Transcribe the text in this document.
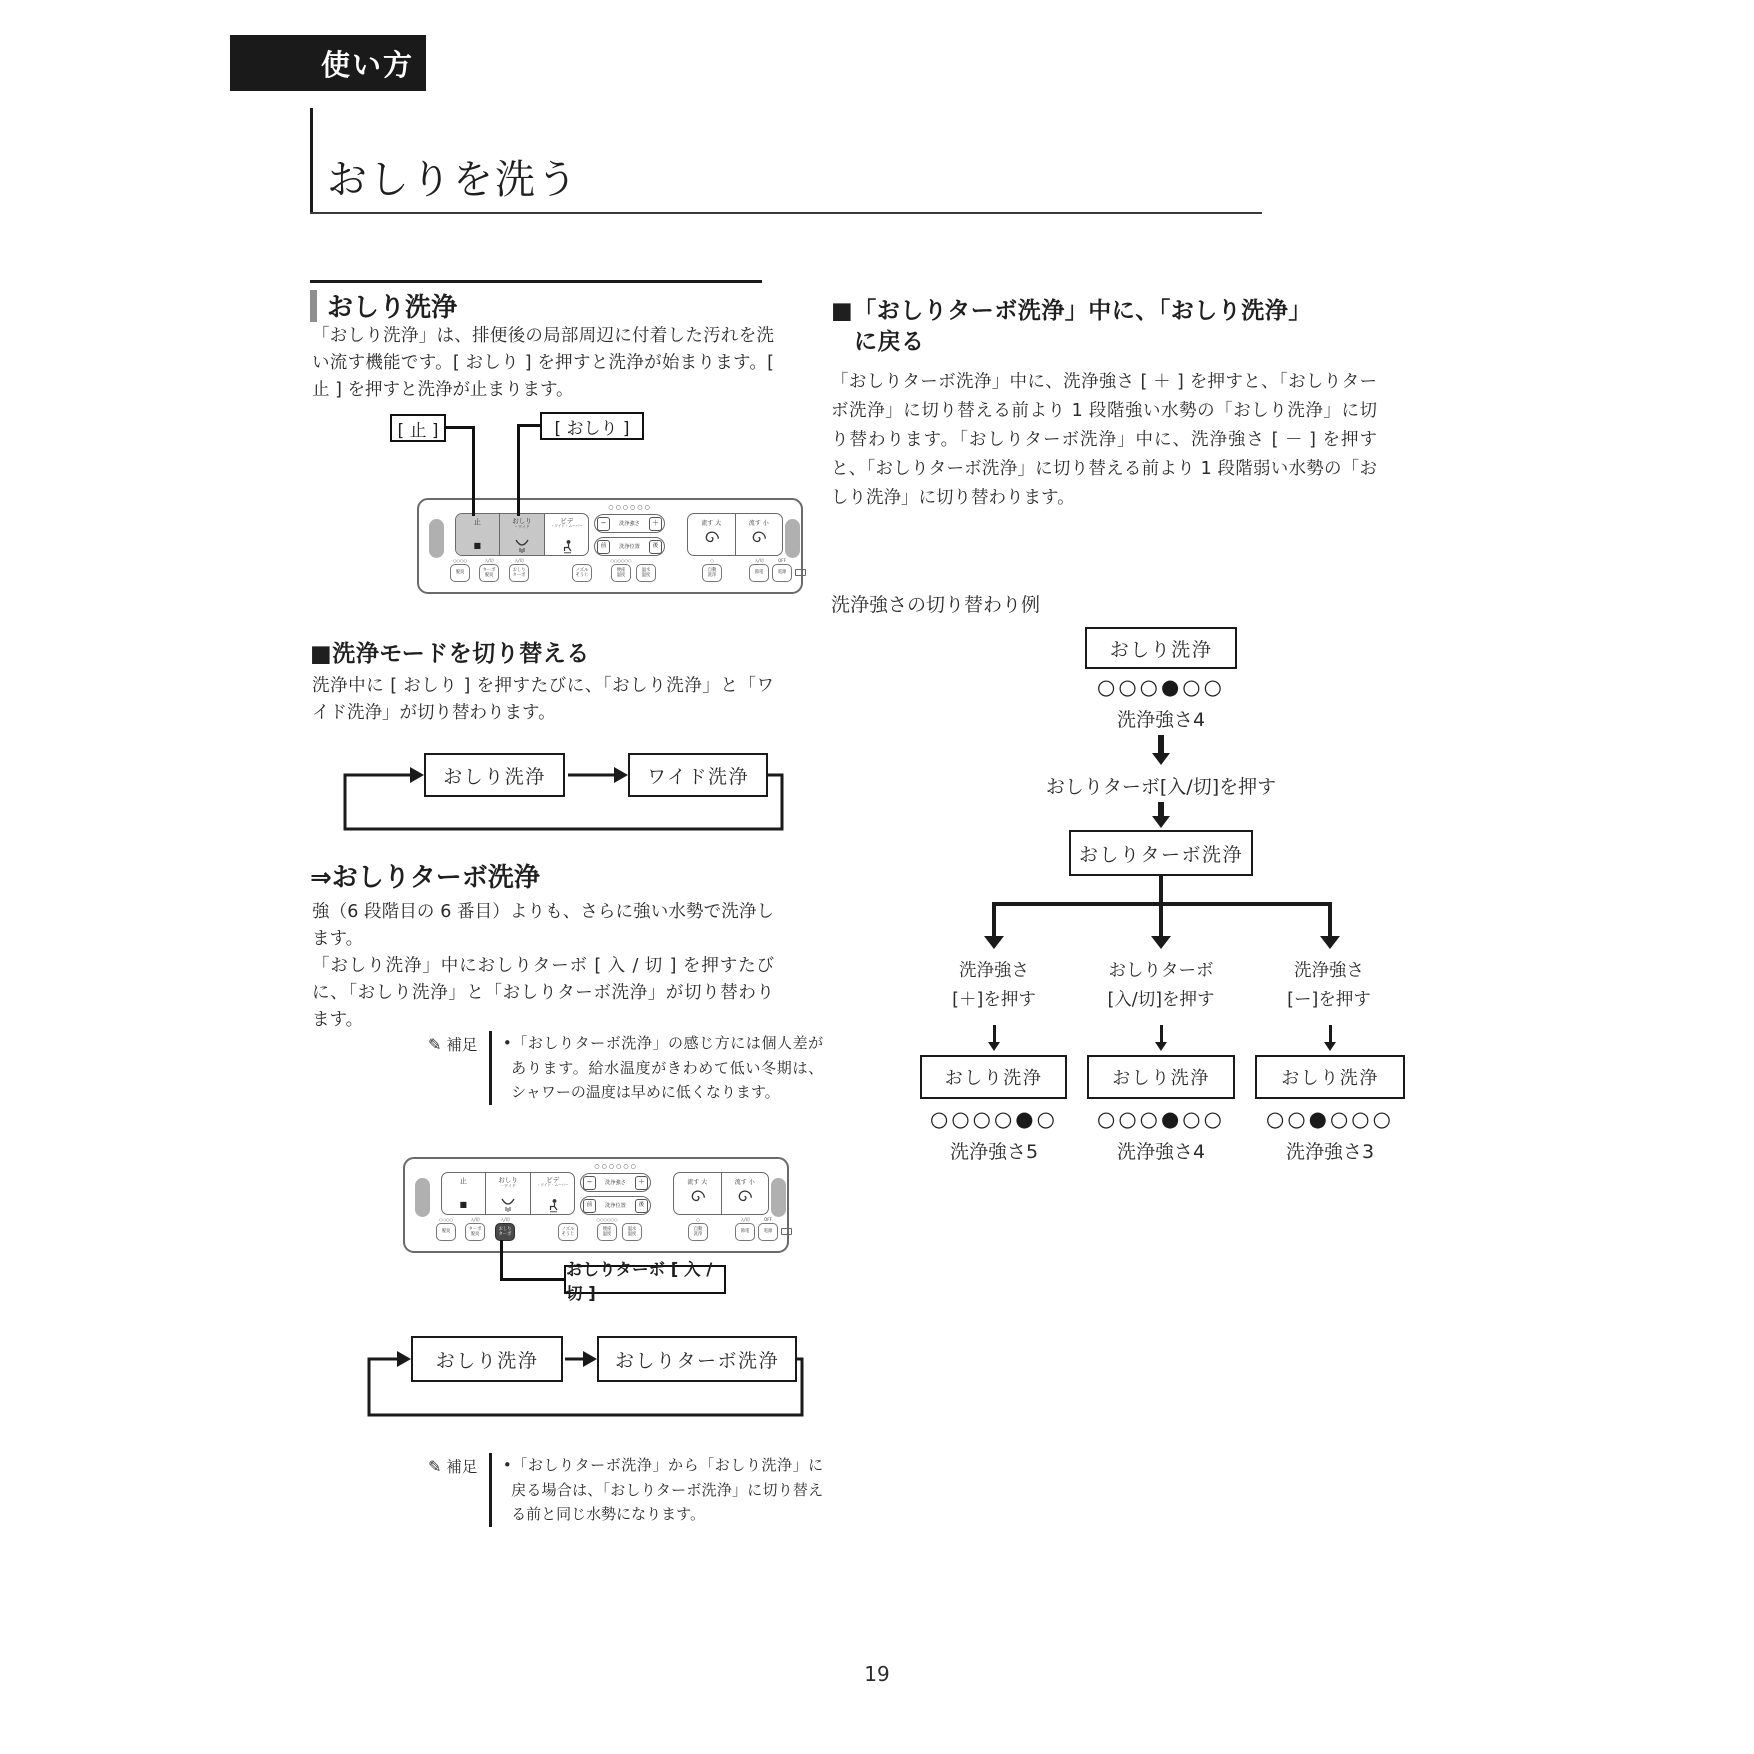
使い方
おしりを洗う
おしり洗浄

「おしり洗浄」は、排便後の局部周辺に付着した汚れを洗い流す機能です。[ おしり ] を押すと洗浄が始まります。[ 止 ] を押すと洗浄が止まります。

[ 止 ]	[ おしり ]
止
■
おしり
・ワイド
ビデ
・ワイド・ムーバー
○○○○○○
−	洗浄強さ	＋
前	洗浄位置	後
流す 大	流す 小
脱臭
ターボ
脱臭
おしり
ターボ
ノズル
そうじ
便座
温度
温水
温度
自動
洗浄
節電	電源
○○○○	入/切	入/切	○○○○○○	○	入/切	OFF
■洗浄モードを切り替える

洗浄中に [ おしり ] を押すたびに、「おしり洗浄」と「ワイド洗浄」が切り替わります。

おしり洗浄	ワイド洗浄
⇒おしりターボ洗浄

強（6 段階目の 6 番目）よりも、さらに強い水勢で洗浄します。

「おしり洗浄」中におしりターボ [ 入 / 切 ] を押すたびに、「おしり洗浄」と「おしりターボ洗浄」が切り替わります。

✎ 補足 •「おしりターボ洗浄」の感じ方には個人差があります。給水温度がきわめて低い冬期は、シャワーの温度は早めに低くなります。
止
■
おしり
・ワイド
ビデ
・ワイド・ムーバー
○○○○○○
−	洗浄強さ	＋
前	洗浄位置	後
流す 大	流す 小
脱臭
ターボ
脱臭
おしり
ターボ
ノズル
そうじ
便座
温度
温水
温度
自動
洗浄
節電	電源
○○○○	入/切	入/切	○○○○○○	○	入/切	OFF
おしりターボ [ 入 / 切 ]
おしり洗浄	おしりターボ洗浄
✎ 補足 •「おしりターボ洗浄」から「おしり洗浄」に戻る場合は、「おしりターボ洗浄」に切り替える前と同じ水勢になります。
■「おしりターボ洗浄」中に、「おしり洗浄」
に戻る

「おしりターボ洗浄」中に、洗浄強さ [ ＋ ] を押すと、「おしりターボ洗浄」に切り替える前より 1 段階強い水勢の「おしり洗浄」に切り替わります。「おしりターボ洗浄」中に、洗浄強さ [ － ] を押すと、「おしりターボ洗浄」に切り替える前より 1 段階弱い水勢の「おしり洗浄」に切り替わります。

洗浄強さの切り替わり例
おしり洗浄
○○○●○○
洗浄強さ4
おしりターボ[入/切]を押す
おしりターボ洗浄
洗浄強さ
[＋]を押す
おしり洗浄
○○○○●○
洗浄強さ5
おしりターボ
[入/切]を押す
おしり洗浄
○○○●○○
洗浄強さ4
洗浄強さ
[ー]を押す
おしり洗浄
○○●○○○
洗浄強さ3
19
